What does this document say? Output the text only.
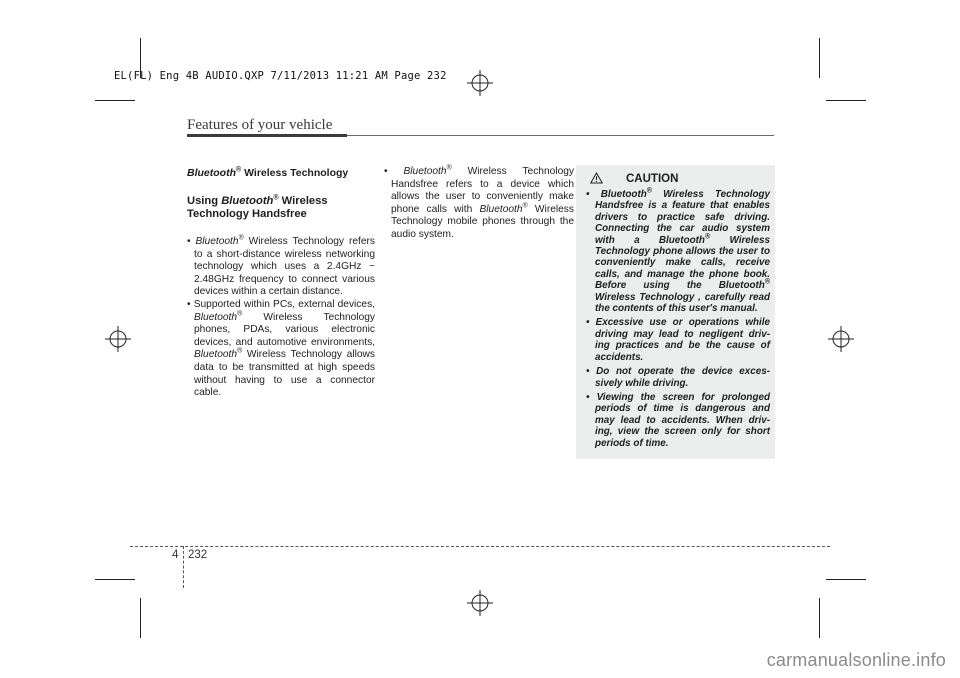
EL(FL) Eng 4B AUDIO.QXP 7/11/2013 11:21 AM Page 232
Features of your vehicle
Bluetooth® Wireless Technology
Using Bluetooth® Wireless Technology Handsfree
• Bluetooth® Wireless Technology refers to a short-distance wireless networking technology which uses a 2.4GHz ~ 2.48GHz frequency to connect various devices within a certain distance.
• Supported within PCs, external devices, Bluetooth® Wireless Technology phones, PDAs, various electronic devices, and automotive environments, Bluetooth® Wireless Technology allows data to be transmitted at high speeds without having to use a connector cable.
• Bluetooth® Wireless Technology Handsfree refers to a device which allows the user to conveniently make phone calls with Bluetooth® Wireless Technology mobile phones through the audio system.
CAUTION
• Bluetooth® Wireless Technology Handsfree is a feature that enables drivers to practice safe driving. Connecting the car audio system with a Bluetooth® Wireless Technology phone allows the user to conveniently make calls, receive calls, and manage the phone book. Before using the Bluetooth® Wireless Technology , carefully read the contents of this user's manual.
• Excessive use or operations while driving may lead to negligent driv-ing practices and be the cause of accidents.
• Do not operate the device exces-sively while driving.
• Viewing the screen for prolonged periods of time is dangerous and may lead to accidents. When driv-ing, view the screen only for short periods of time.
4 232
carmanualsonline.info
